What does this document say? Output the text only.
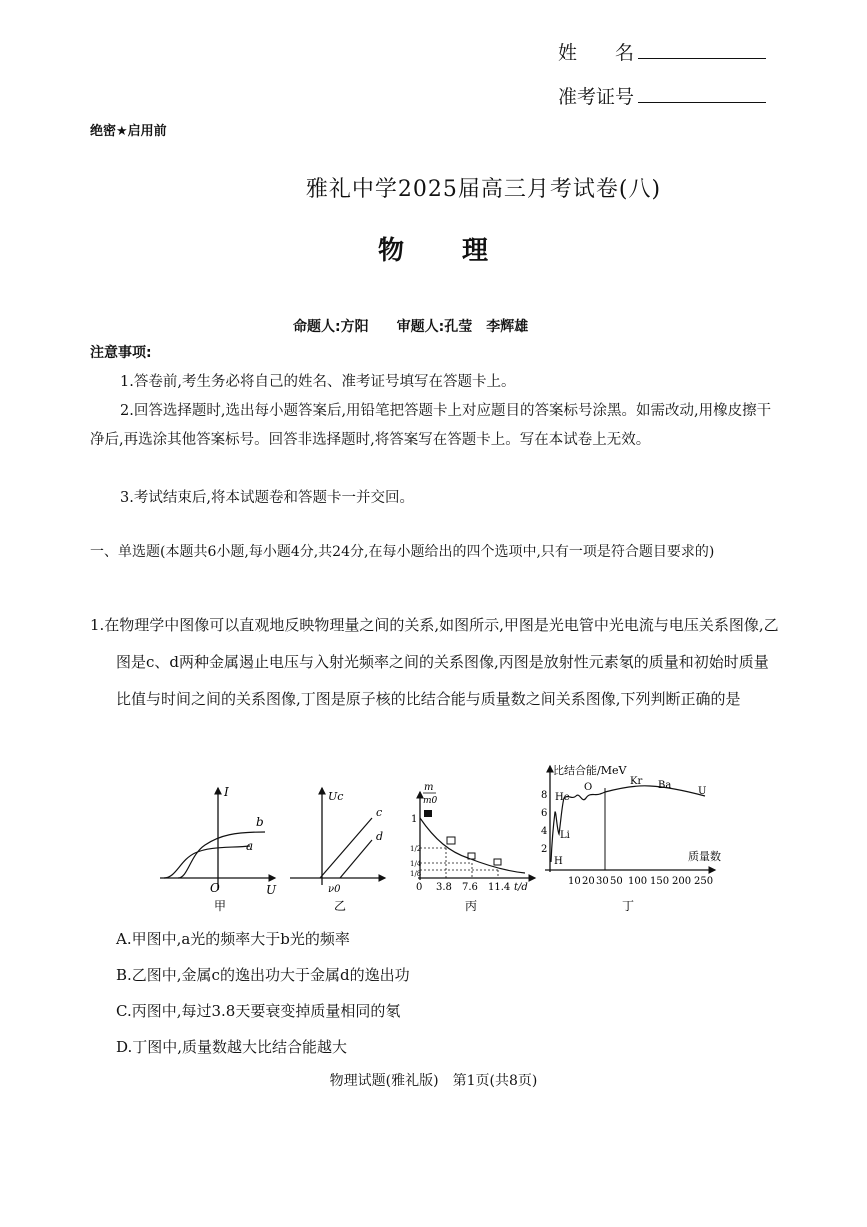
姓　　名
准考证号
绝密★启用前
雅礼中学2025届高三月考试卷(八)
物理
命题人:方阳　　审题人:孔莹　李辉雄
注意事项:
1.答卷前,考生务必将自己的姓名、准考证号填写在答题卡上。
2.回答选择题时,选出每小题答案后,用铅笔把答题卡上对应题目的答案标号涂黑。如需改动,用橡皮擦干净后,再选涂其他答案标号。回答非选择题时,将答案写在答题卡上。写在本试卷上无效。
3.考试结束后,将本试题卷和答题卡一并交回。
一、单选题(本题共6小题,每小题4分,共24分,在每小题给出的四个选项中,只有一项是符合题目要求的)
1.在物理学中图像可以直观地反映物理量之间的关系,如图所示,甲图是光电管中光电流与电压关系图像,乙图是c、d两种金属遏止电压与入射光频率之间的关系图像,丙图是放射性元素氡的质量和初始时质量比值与时间之间的关系图像,丁图是原子核的比结合能与质量数之间关系图像,下列判断正确的是
I
U
O
b
a
甲
Uc
c
d
ν0
乙
m
m0
1
1/2
1/4
1/8
0 3.8 7.6 11.4 t/d
丙
比结合能/MeV
8
6
4
2
He
O
Kr Ba
U
Li
H	质量数
10 20 30 50 100 150 200 250
丁
A.甲图中,a光的频率大于b光的频率
B.乙图中,金属c的逸出功大于金属d的逸出功
C.丙图中,每过3.8天要衰变掉质量相同的氡
D.丁图中,质量数越大比结合能越大
物理试题(雅礼版)　第1页(共8页)
